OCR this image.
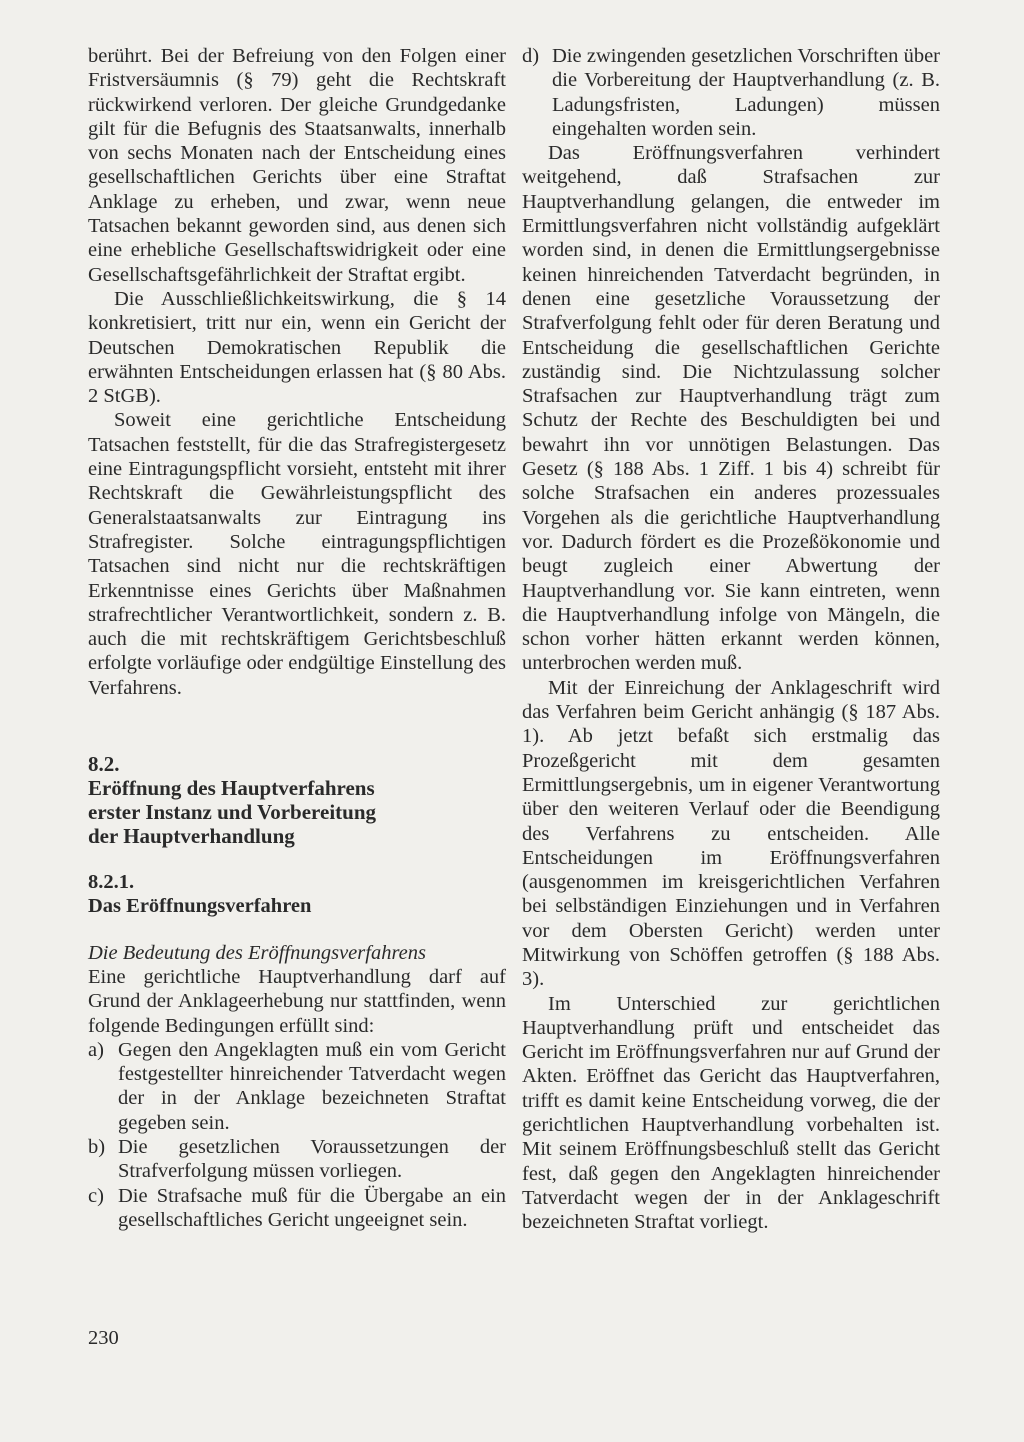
berührt. Bei der Befreiung von den Folgen einer Fristversäumnis (§ 79) geht die Rechtskraft rückwirkend verloren. Der gleiche Grundgedanke gilt für die Befugnis des Staatsanwalts, innerhalb von sechs Monaten nach der Entscheidung eines gesellschaftlichen Gerichts über eine Straftat Anklage zu erheben, und zwar, wenn neue Tatsachen bekannt geworden sind, aus denen sich eine erhebliche Gesellschaftswidrigkeit oder eine Gesellschaftsgefährlichkeit der Straftat ergibt.

Die Ausschließlichkeitswirkung, die § 14 konkretisiert, tritt nur ein, wenn ein Gericht der Deutschen Demokratischen Republik die erwähnten Entscheidungen erlassen hat (§ 80 Abs. 2 StGB).

Soweit eine gerichtliche Entscheidung Tatsachen feststellt, für die das Strafregistergesetz eine Eintragungspflicht vorsieht, entsteht mit ihrer Rechtskraft die Gewährleistungspflicht des Generalstaatsanwalts zur Eintragung ins Strafregister. Solche eintragungspflichtigen Tatsachen sind nicht nur die rechtskräftigen Erkenntnisse eines Gerichts über Maßnahmen strafrechtlicher Verantwortlichkeit, sondern z. B. auch die mit rechtskräftigem Gerichtsbeschluß erfolgte vorläufige oder endgültige Einstellung des Verfahrens.

8.2.

Eröffnung des Hauptverfahrens

erster Instanz und Vorbereitung

der Hauptverhandlung

8.2.1.

Das Eröffnungsverfahren

Die Bedeutung des Eröffnungsverfahrens

Eine gerichtliche Hauptverhandlung darf auf Grund der Anklageerhebung nur stattfinden, wenn folgende Bedingungen erfüllt sind:

a) Gegen den Angeklagten muß ein vom Gericht festgestellter hinreichender Tatverdacht wegen der in der Anklage bezeichneten Straftat gegeben sein.
b) Die gesetzlichen Voraussetzungen der Strafverfolgung müssen vorliegen.
c) Die Strafsache muß für die Übergabe an ein gesellschaftliches Gericht ungeeignet sein.
d) Die zwingenden gesetzlichen Vorschriften über die Vorbereitung der Hauptverhandlung (z. B. Ladungsfristen, Ladungen) müssen eingehalten worden sein.

Das Eröffnungsverfahren verhindert weitgehend, daß Strafsachen zur Hauptverhandlung gelangen, die entweder im Ermittlungsverfahren nicht vollständig aufgeklärt worden sind, in denen die Ermittlungsergebnisse keinen hinreichenden Tatverdacht begründen, in denen eine gesetzliche Voraussetzung der Strafverfolgung fehlt oder für deren Beratung und Entscheidung die gesellschaftlichen Gerichte zuständig sind. Die Nichtzulassung solcher Strafsachen zur Hauptverhandlung trägt zum Schutz der Rechte des Beschuldigten bei und bewahrt ihn vor unnötigen Belastungen. Das Gesetz (§ 188 Abs. 1 Ziff. 1 bis 4) schreibt für solche Strafsachen ein anderes prozessuales Vorgehen als die gerichtliche Hauptverhandlung vor. Dadurch fördert es die Prozeßökonomie und beugt zugleich einer Abwertung der Hauptverhandlung vor. Sie kann eintreten, wenn die Hauptverhandlung infolge von Mängeln, die schon vorher hätten erkannt werden können, unterbrochen werden muß.

Mit der Einreichung der Anklageschrift wird das Verfahren beim Gericht anhängig (§ 187 Abs. 1). Ab jetzt befaßt sich erstmalig das Prozeßgericht mit dem gesamten Ermittlungsergebnis, um in eigener Verantwortung über den weiteren Verlauf oder die Beendigung des Verfahrens zu entscheiden. Alle Entscheidungen im Eröffnungsverfahren (ausgenommen im kreisgerichtlichen Verfahren bei selbständigen Einziehungen und in Verfahren vor dem Obersten Gericht) werden unter Mitwirkung von Schöffen getroffen (§ 188 Abs. 3).

Im Unterschied zur gerichtlichen Hauptverhandlung prüft und entscheidet das Gericht im Eröffnungsverfahren nur auf Grund der Akten. Eröffnet das Gericht das Hauptverfahren, trifft es damit keine Entscheidung vorweg, die der gerichtlichen Hauptverhandlung vorbehalten ist. Mit seinem Eröffnungsbeschluß stellt das Gericht fest, daß gegen den Angeklagten hinreichender Tatverdacht wegen der in der Anklageschrift bezeichneten Straftat vorliegt.

230
